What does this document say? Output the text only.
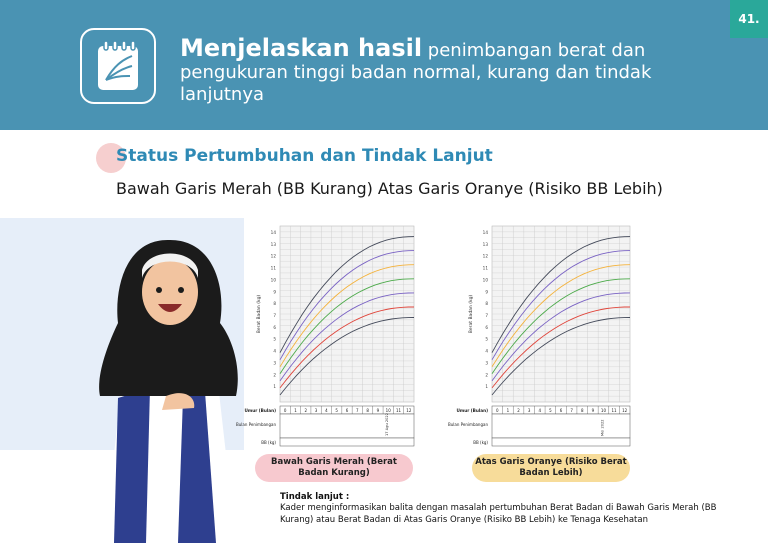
Menjelaskan hasil penimbangan berat dan pengukuran tinggi badan normal, kurang dan tindak lanjutnya
41.
Status Pertumbuhan dan Tindak Lanjut
Bawah Garis Merah (BB Kurang) Atas Garis Oranye (Risiko BB Lebih)
14
13
12
11
10
9
8
7
6
5
4
3
2
1
Berat Badan (kg)
Umur (Bulan) 0 1 2 3 4 5 6 7 8 9 10 11 12
Bulan Penimbangan
BB (kg)
17 Agu 2022
14
13
12
11
10
9
8
7
6
5
4
3
2
1
Berat Badan (kg)
Umur (Bulan) 0 1 2 3 4 5 6 7 8 9 10 11 12
Bulan Penimbangan
BB (kg)
Mei 2022
Bawah Garis Merah (Berat Badan Kurang)
Atas Garis Oranye (Risiko Berat Badan Lebih)
Tindak lanjut :
Kader menginformasikan balita dengan masalah pertumbuhan Berat Badan di Bawah Garis Merah (BB Kurang) atau Berat Badan di Atas Garis Oranye (Risiko BB Lebih) ke Tenaga Kesehatan
